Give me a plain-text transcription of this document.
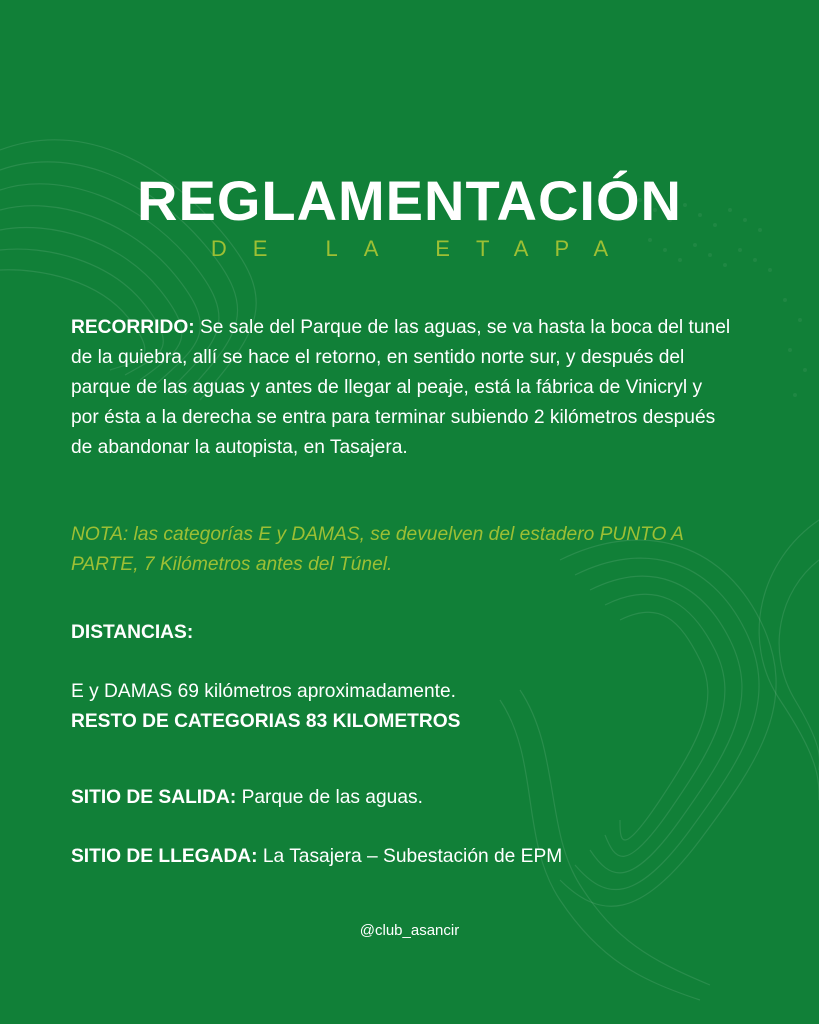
REGLAMENTACIÓN
DE LA ETAPA
RECORRIDO: Se sale del Parque de las aguas, se va hasta la boca del tunel de la quiebra, allí se hace el retorno, en sentido norte sur, y después del parque de las aguas y antes de llegar al peaje, está la fábrica de Vinicryl y por ésta a la derecha se entra para terminar subiendo 2 kilómetros después de abandonar la autopista, en Tasajera.
NOTA: las categorías E y DAMAS, se devuelven del estadero PUNTO A PARTE, 7 Kilómetros antes del Túnel.
DISTANCIAS:
E y DAMAS 69 kilómetros aproximadamente.
RESTO DE CATEGORIAS 83 KILOMETROS
SITIO DE SALIDA: Parque de las aguas.
SITIO DE LLEGADA: La Tasajera – Subestación de EPM
@club_asancir
